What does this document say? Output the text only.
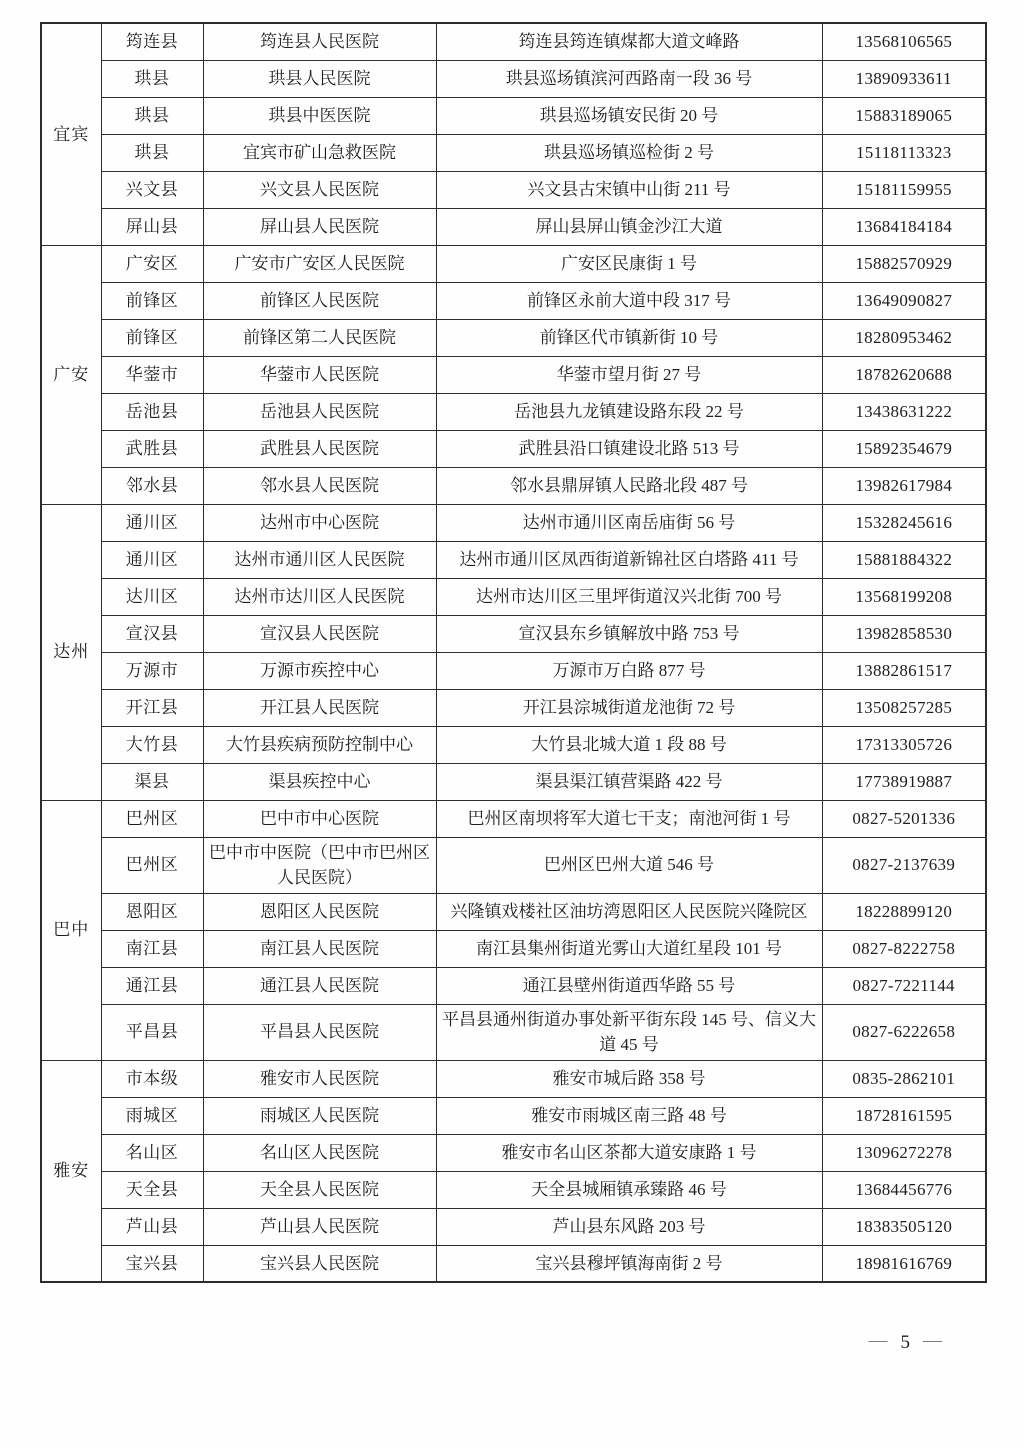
宜宾	筠连县	筠连县人民医院	筠连县筠连镇煤都大道文峰路	13568106565
	珙县	珙县人民医院	珙县巡场镇滨河西路南一段 36 号	13890933611
	珙县	珙县中医医院	珙县巡场镇安民街 20 号	15883189065
	珙县	宜宾市矿山急救医院	珙县巡场镇巡检街 2 号	15118113323
	兴文县	兴文县人民医院	兴文县古宋镇中山街 211 号	15181159955
	屏山县	屏山县人民医院	屏山县屏山镇金沙江大道	13684184184
广安	广安区	广安市广安区人民医院	广安区民康街 1 号	15882570929
	前锋区	前锋区人民医院	前锋区永前大道中段 317 号	13649090827
	前锋区	前锋区第二人民医院	前锋区代市镇新街 10 号	18280953462
	华蓥市	华蓥市人民医院	华蓥市望月街 27 号	18782620688
	岳池县	岳池县人民医院	岳池县九龙镇建设路东段 22 号	13438631222
	武胜县	武胜县人民医院	武胜县沿口镇建设北路 513 号	15892354679
	邻水县	邻水县人民医院	邻水县鼎屏镇人民路北段 487 号	13982617984
达州	通川区	达州市中心医院	达州市通川区南岳庙街 56 号	15328245616
	通川区	达州市通川区人民医院	达州市通川区凤西街道新锦社区白塔路 411 号	15881884322
	达川区	达州市达川区人民医院	达州市达川区三里坪街道汉兴北街 700 号	13568199208
	宣汉县	宣汉县人民医院	宣汉县东乡镇解放中路 753 号	13982858530
	万源市	万源市疾控中心	万源市万白路 877 号	13882861517
	开江县	开江县人民医院	开江县淙城街道龙池街 72 号	13508257285
	大竹县	大竹县疾病预防控制中心	大竹县北城大道 1 段 88 号	17313305726
	渠县	渠县疾控中心	渠县渠江镇营渠路 422 号	17738919887
巴中	巴州区	巴中市中心医院	巴州区南坝将军大道七干支；南池河街 1 号	0827-5201336
	巴州区	巴中市中医院（巴中市巴州区人民医院）	巴州区巴州大道 546 号	0827-2137639
	恩阳区	恩阳区人民医院	兴隆镇戏楼社区油坊湾恩阳区人民医院兴隆院区	18228899120
	南江县	南江县人民医院	南江县集州街道光雾山大道红星段 101 号	0827-8222758
	通江县	通江县人民医院	通江县壁州街道西华路 55 号	0827-7221144
	平昌县	平昌县人民医院	平昌县通州街道办事处新平街东段 145 号、信义大道 45 号	0827-6222658
雅安	市本级	雅安市人民医院	雅安市城后路 358 号	0835-2862101
	雨城区	雨城区人民医院	雅安市雨城区南三路 48 号	18728161595
	名山区	名山区人民医院	雅安市名山区茶都大道安康路 1 号	13096272278
	天全县	天全县人民医院	天全县城厢镇承臻路 46 号	13684456776
	芦山县	芦山县人民医院	芦山县东风路 203 号	18383505120
	宝兴县	宝兴县人民医院	宝兴县穆坪镇海南街 2 号	18981616769
— 5 —
